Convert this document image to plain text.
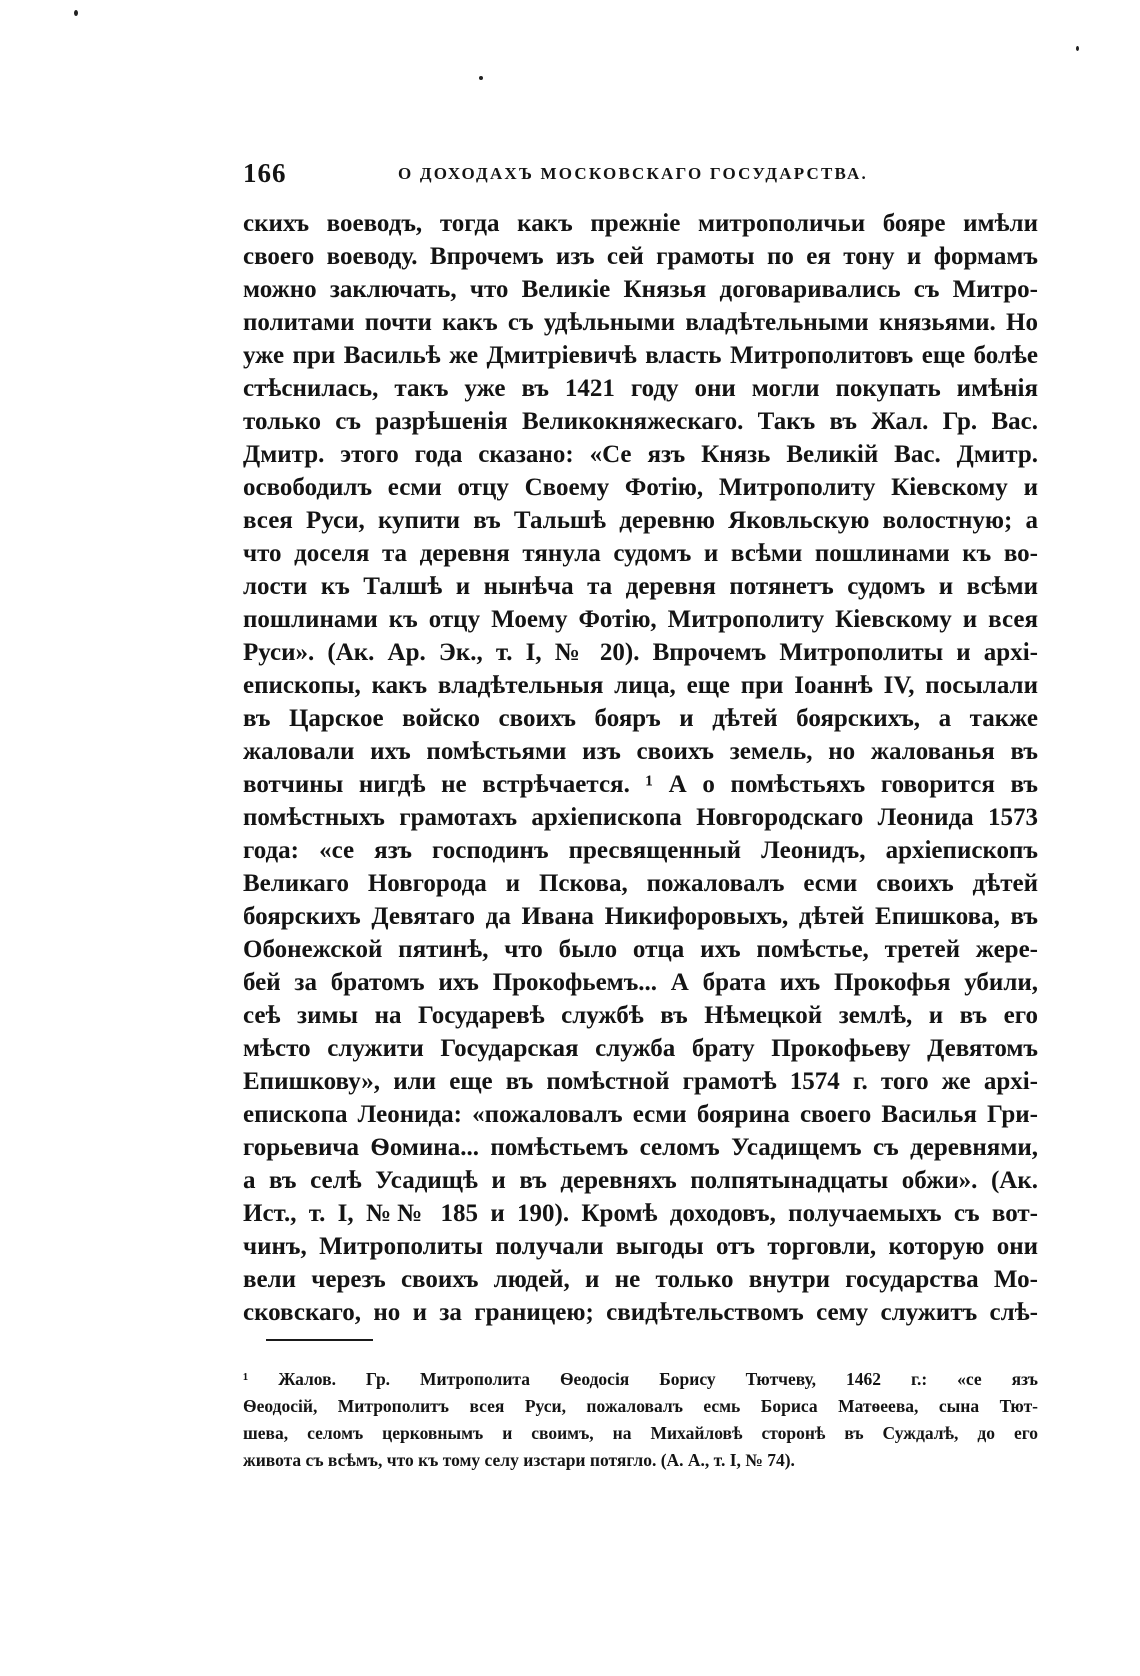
166	О ДОХОДАХЪ МОСКОВСКАГО ГОСУДАРСТВА.
скихъ воеводъ, тогда какъ прежніе митрополичьи бояре имѣли
своего воеводу. Впрочемъ изъ сей грамоты по ея тону и формамъ
можно заключать, что Великіе Князья договаривались съ Митро-
политами почти какъ съ удѣльными владѣтельными князьями. Но
уже при Васильѣ же Дмитріевичѣ власть Митрополитовъ еще болѣе
стѣснилась, такъ уже въ 1421 году они могли покупать имѣнія
только съ разрѣшенія Великокняжескаго. Такъ въ Жал. Гр. Вас.
Дмитр. этого года сказано: «Се язъ Князь Великій Вас. Дмитр.
освободилъ есми отцу Своему Фотію, Митрополиту Кіевскому и
всея Руси, купити въ Тальшѣ деревню Яковльскую волостную; а
что доселя та деревня тянула судомъ и всѣми пошлинами къ во-
лости къ Талшѣ и нынѣча та деревня потянетъ судомъ и всѣми
пошлинами къ отцу Моему Фотію, Митрополиту Кіевскому и всея
Руси». (Ак. Ар. Эк., т. I, № 20). Впрочемъ Митрополиты и архі-
епископы, какъ владѣтельныя лица, еще при Іоаннѣ IV, посылали
въ Царское войско своихъ бояръ и дѣтей боярскихъ, а также
жаловали ихъ помѣстьями изъ своихъ земель, но жалованья въ
вотчины нигдѣ не встрѣчается. ¹ А о помѣстьяхъ говорится въ
помѣстныхъ грамотахъ архіепископа Новгородскаго Леонида 1573
года: «се язъ господинъ пресвященный Леонидъ, архіепископъ
Великаго Новгорода и Пскова, пожаловалъ есми своихъ дѣтей
боярскихъ Девятаго да Ивана Никифоровыхъ, дѣтей Епишкова, въ
Обонежской пятинѣ, что было отца ихъ помѣстье, третей жере-
бей за братомъ ихъ Прокофьемъ... А брата ихъ Прокофья убили,
сеѣ зимы на Государевѣ службѣ въ Нѣмецкой землѣ, и въ его
мѣсто служити Государская служба брату Прокофьеву Девятомъ
Епишкову», или еще въ помѣстной грамотѣ 1574 г. того же архі-
епископа Леонида: «пожаловалъ есми боярина своего Василья Гри-
горьевича Ѳомина... помѣстьемъ селомъ Усадищемъ съ деревнями,
а въ селѣ Усадищѣ и въ деревняхъ полпятынадцаты обжи». (Ак.
Ист., т. I, №№ 185 и 190). Кромѣ доходовъ, получаемыхъ съ вот-
чинъ, Митрополиты получали выгоды отъ торговли, которую они
вели черезъ своихъ людей, и не только внутри государства Мо-
сковскаго, но и за границею; свидѣтельствомъ сему служитъ слѣ-
¹ Жалов. Гр. Митрополита Ѳеодосія Борису Тютчеву, 1462 г.: «се язъ
Ѳеодосій, Митрополитъ всея Руси, пожаловалъ есмь Бориса Матѳеева, сына Тют-
шева, селомъ церковнымъ и своимъ, на Михайловѣ сторонѣ въ Суждалѣ, до его
живота съ всѣмъ, что къ тому селу изстари потягло. (А. А., т. I, № 74).
